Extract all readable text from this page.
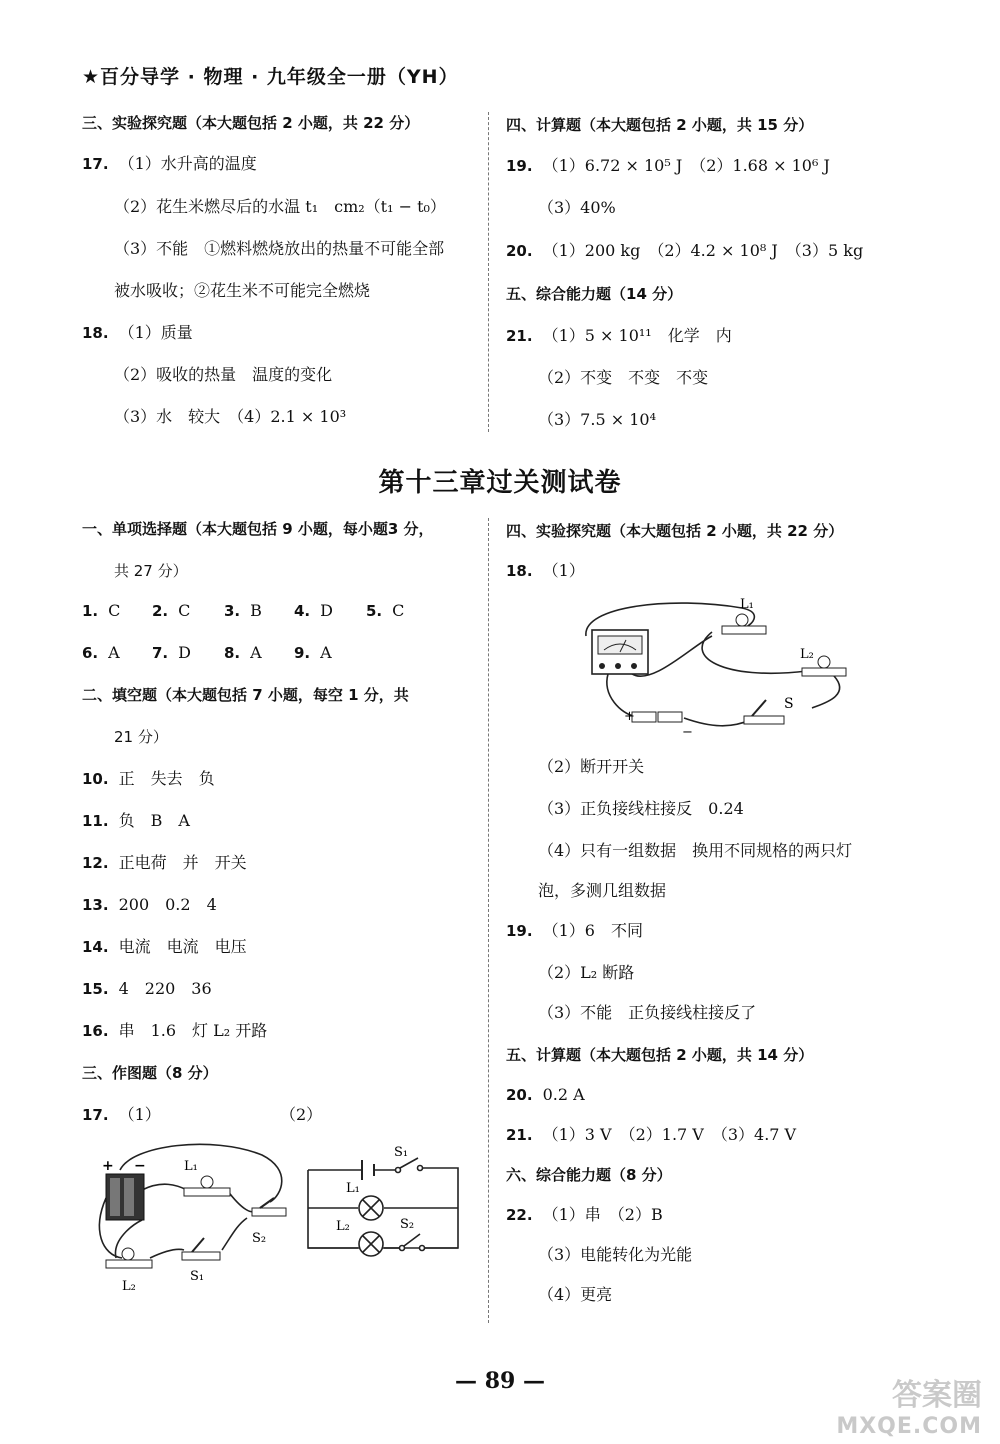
★百分导学 · 物理 · 九年级全一册（YH）
三、实验探究题（本大题包括 2 小题，共 22 分）
17. （1）水升高的温度
（2）花生米燃尽后的水温 t₁　cm₂（t₁ − t₀）
（3）不能　①燃料燃烧放出的热量不可能全部
被水吸收；②花生米不可能完全燃烧
18. （1）质量
（2）吸收的热量　温度的变化
（3）水　较大　（4）2.1 × 10³
四、计算题（本大题包括 2 小题，共 15 分）
19. （1）6.72 × 10⁵ J　（2）1.68 × 10⁶ J
（3）40%
20. （1）200 kg　（2）4.2 × 10⁸ J　（3）5 kg
五、综合能力题（14 分）
21. （1）5 × 10¹¹　化学　内
（2）不变　不变　不变
（3）7.5 × 10⁴
第十三章过关测试卷
一、单项选择题（本大题包括 9 小题，每小题3 分，
共 27 分）
1. C 2. C 3. B 4. D 5. C
6. A 7. D 8. A 9. A
二、填空题（本大题包括 7 小题，每空 1 分，共
21 分）
10. 正　失去　负
11. 负　B　A
12. 正电荷　并　开关
13. 200　0.2　4
14. 电流　电流　电压
15. 4　220　36
16. 串　1.6　灯 L₂ 开路
三、作图题（8 分）
17. （1）	（2）
+ −	L₁
S₂
L₂
S₁
S₁
L₁
L₂	S₂
四、实验探究题（本大题包括 2 小题，共 22 分）
18. （1）
L₁
L₂
+
−
S
（2）断开开关
（3）正负接线柱接反　0.24
（4）只有一组数据　换用不同规格的两只灯
泡，多测几组数据
19. （1）6　不同
（2）L₂ 断路
（3）不能　正负接线柱接反了
五、计算题（本大题包括 2 小题，共 14 分）
20. 0.2 A
21. （1）3 V　（2）1.7 V　（3）4.7 V
六、综合能力题（8 分）
22. （1）串　（2）B
（3）电能转化为光能
（4）更亮
— 89 —	答案圈
MXQE.COM
